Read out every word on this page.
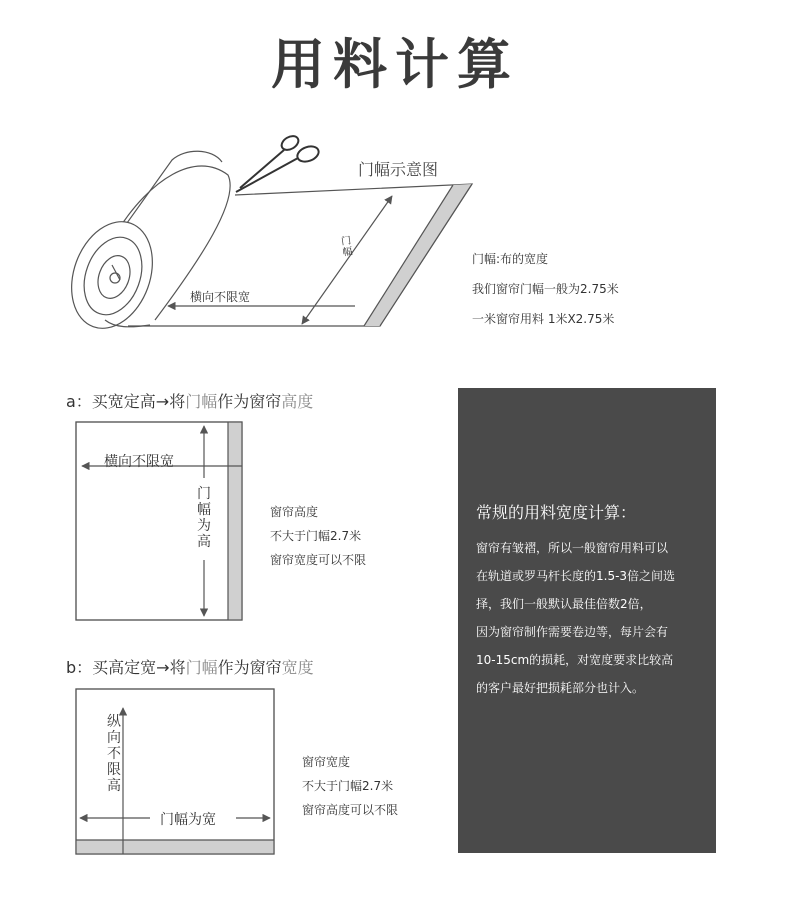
用料计算
门幅示意图
门
幅
横向不限宽
门幅:布的宽度
我们窗帘门幅一般为2.75米
一米窗帘用料 1米X2.75米
a：买宽定高→将门幅作为窗帘高度
横向不限宽
门幅为高
窗帘高度
不大于门幅2.7米
窗帘宽度可以不限
b：买高定宽→将门幅作为窗帘宽度
纵向不限高
门幅为宽
窗帘宽度
不大于门幅2.7米
窗帘高度可以不限
常规的用料宽度计算：

窗帘有皱褶，所以一般窗帘用料可以

在轨道或罗马杆长度的1.5-3倍之间选

择，我们一般默认最佳倍数2倍，

因为窗帘制作需要卷边等，每片会有

10-15cm的损耗，对宽度要求比较高

的客户最好把损耗部分也计入。
